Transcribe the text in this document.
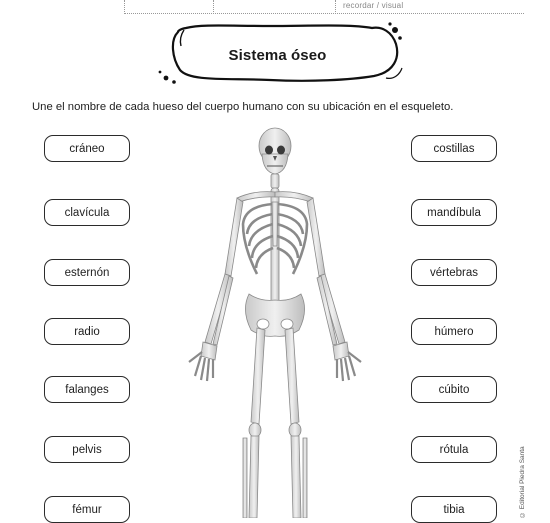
recordar / visual
Sistema óseo
Une el nombre de cada hueso del cuerpo humano con su ubicación en el esqueleto.
cráneo
clavícula
esternón
radio
falanges
pelvis
fémur
costillas
mandíbula
vértebras
húmero
cúbito
rótula
tibia	© Editorial Piedra Santa
